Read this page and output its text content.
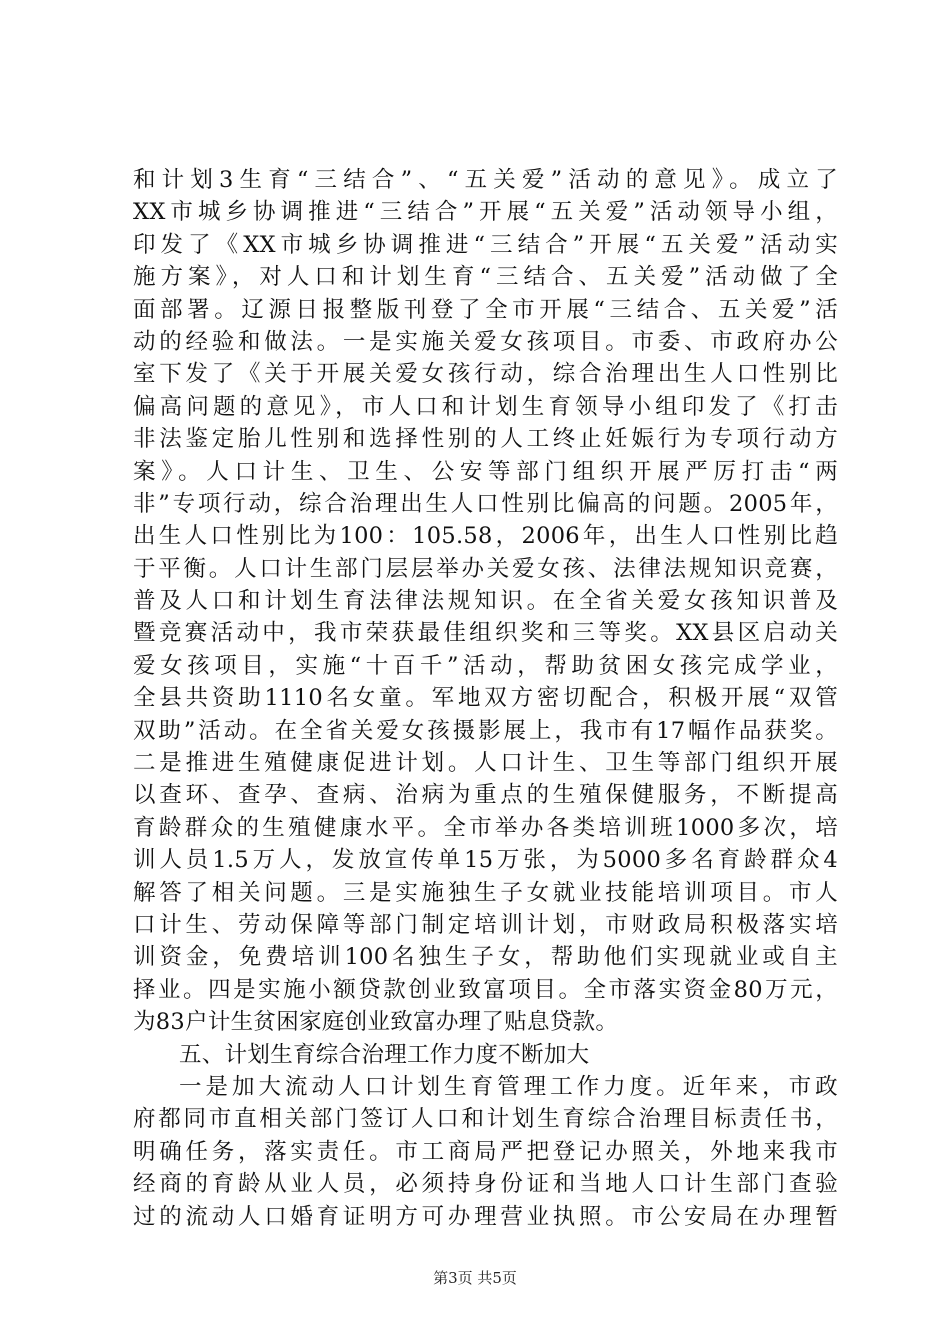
和计划3生育“三结合”、“五关爱”活动的意见》。成立了
XX市城乡协调推进“三结合”开展“五关爱”活动领导小组，
印发了《XX市城乡协调推进“三结合”开展“五关爱”活动实
施方案》，对人口和计划生育“三结合、五关爱”活动做了全
面部署。辽源日报整版刊登了全市开展“三结合、五关爱”活
动的经验和做法。一是实施关爱女孩项目。市委、市政府办公
室下发了《关于开展关爱女孩行动，综合治理出生人口性别比
偏高问题的意见》，市人口和计划生育领导小组印发了《打击
非法鉴定胎儿性别和选择性别的人工终止妊娠行为专项行动方
案》。人口计生、卫生、公安等部门组织开展严厉打击“两
非”专项行动，综合治理出生人口性别比偏高的问题。2005年，
出生人口性别比为100：105.58，2006年，出生人口性别比趋
于平衡。人口计生部门层层举办关爱女孩、法律法规知识竞赛，
普及人口和计划生育法律法规知识。在全省关爱女孩知识普及
暨竞赛活动中，我市荣获最佳组织奖和三等奖。XX县区启动关
爱女孩项目，实施“十百千”活动，帮助贫困女孩完成学业，
全县共资助1110名女童。军地双方密切配合，积极开展“双管
双助”活动。在全省关爱女孩摄影展上，我市有17幅作品获奖。
二是推进生殖健康促进计划。人口计生、卫生等部门组织开展
以查环、查孕、查病、治病为重点的生殖保健服务，不断提高
育龄群众的生殖健康水平。全市举办各类培训班1000多次，培
训人员1.5万人，发放宣传单15万张，为5000多名育龄群众4
解答了相关问题。三是实施独生子女就业技能培训项目。市人
口计生、劳动保障等部门制定培训计划，市财政局积极落实培
训资金，免费培训100名独生子女，帮助他们实现就业或自主
择业。四是实施小额贷款创业致富项目。全市落实资金80万元，
为83户计生贫困家庭创业致富办理了贴息贷款。
五、计划生育综合治理工作力度不断加大
一是加大流动人口计划生育管理工作力度。近年来，市政
府都同市直相关部门签订人口和计划生育综合治理目标责任书，
明确任务，落实责任。市工商局严把登记办照关，外地来我市
经商的育龄从业人员，必须持身份证和当地人口计生部门查验
过的流动人口婚育证明方可办理营业执照。市公安局在办理暂
第3页 共5页
